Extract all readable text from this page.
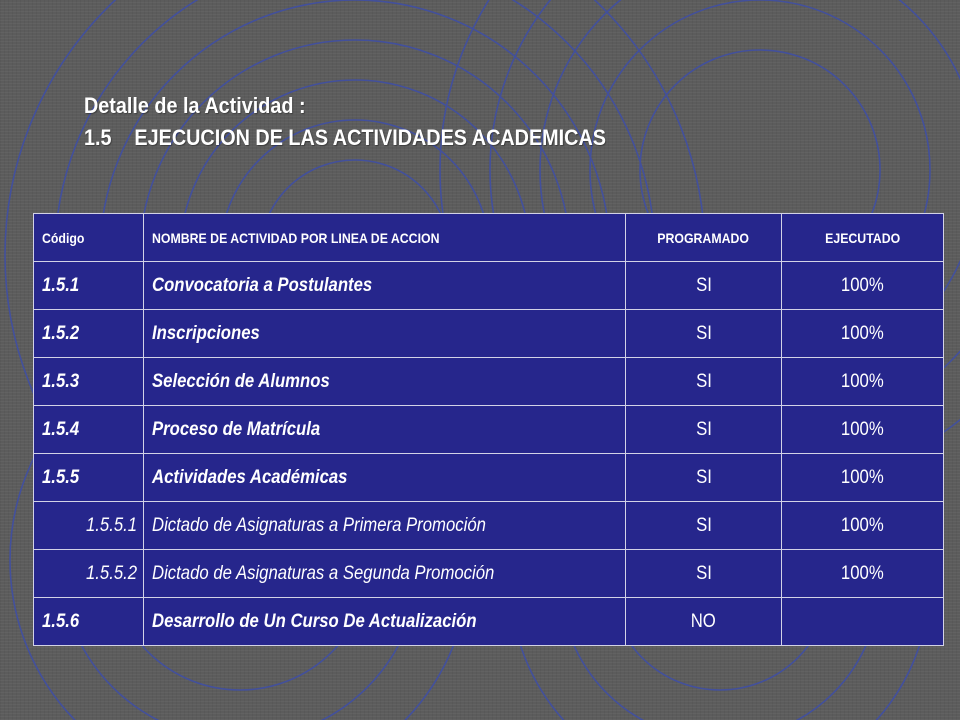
Detalle de la Actividad :
1.5 EJECUCION DE LAS ACTIVIDADES ACADEMICAS
Código	NOMBRE DE ACTIVIDAD POR LINEA DE ACCION	PROGRAMADO	EJECUTADO
1.5.1	Convocatoria a Postulantes	SI	100%
1.5.2	Inscripciones	SI	100%
1.5.3	Selección de Alumnos	SI	100%
1.5.4	Proceso de Matrícula	SI	100%
1.5.5	Actividades Académicas	SI	100%
1.5.5.1	Dictado de Asignaturas a Primera Promoción	SI	100%
1.5.5.2	Dictado de Asignaturas a Segunda Promoción	SI	100%
1.5.6	Desarrollo de Un Curso De Actualización	NO	
